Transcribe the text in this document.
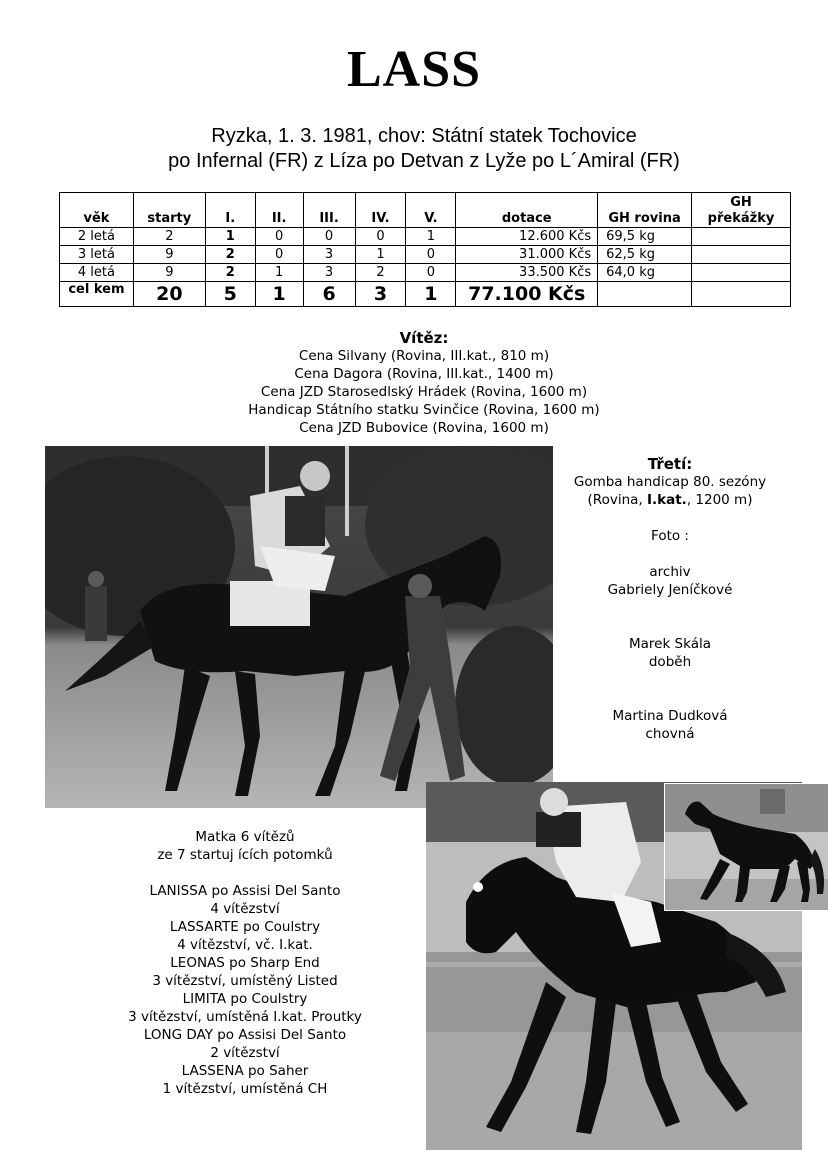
LASS
Ryzka, 1. 3. 1981, chov: Státní statek Tochovice
po Infernal (FR) z Líza po Detvan z Lyže po L´Amiral (FR)
věk	starty	I.	II.	III.	IV.	V.	dotace	GH rovina	GH překážky
2 letá	2	1	0	0	0	1	12.600 Kčs	69,5 kg	
3 letá	9	2	0	3	1	0	31.000 Kčs	62,5 kg	
4 letá	9	2	1	3	2	0	33.500 Kčs	64,0 kg	
cel kem	20	5	1	6	3	1	77.100 Kčs		
Vítěz:
Cena Silvany (Rovina, III.kat., 810 m)
Cena Dagora (Rovina, III.kat., 1400 m)
Cena JZD Starosedlský Hrádek (Rovina, 1600 m)
Handicap Státního statku Svinčice (Rovina, 1600 m)
Cena JZD Bubovice (Rovina, 1600 m)
Třetí:
Gomba handicap 80. sezóny
(Rovina, I.kat., 1200 m)
Foto :
archiv
Gabriely Jeníčkové
Marek Skála
doběh
Martina Dudková
chovná
Matka 6 vítězů
ze 7 startuj ících potomků
LANISSA po Assisi Del Santo
4 vítězství
LASSARTE po Coulstry
4 vítězství, vč. I.kat.
LEONAS po Sharp End
3 vítězství, umístěný Listed
LIMITA po Coulstry
3 vítězství, umístěná I.kat. Proutky
LONG DAY po Assisi Del Santo
2 vítězství
LASSENA po Saher
1 vítězství, umístěná CH
